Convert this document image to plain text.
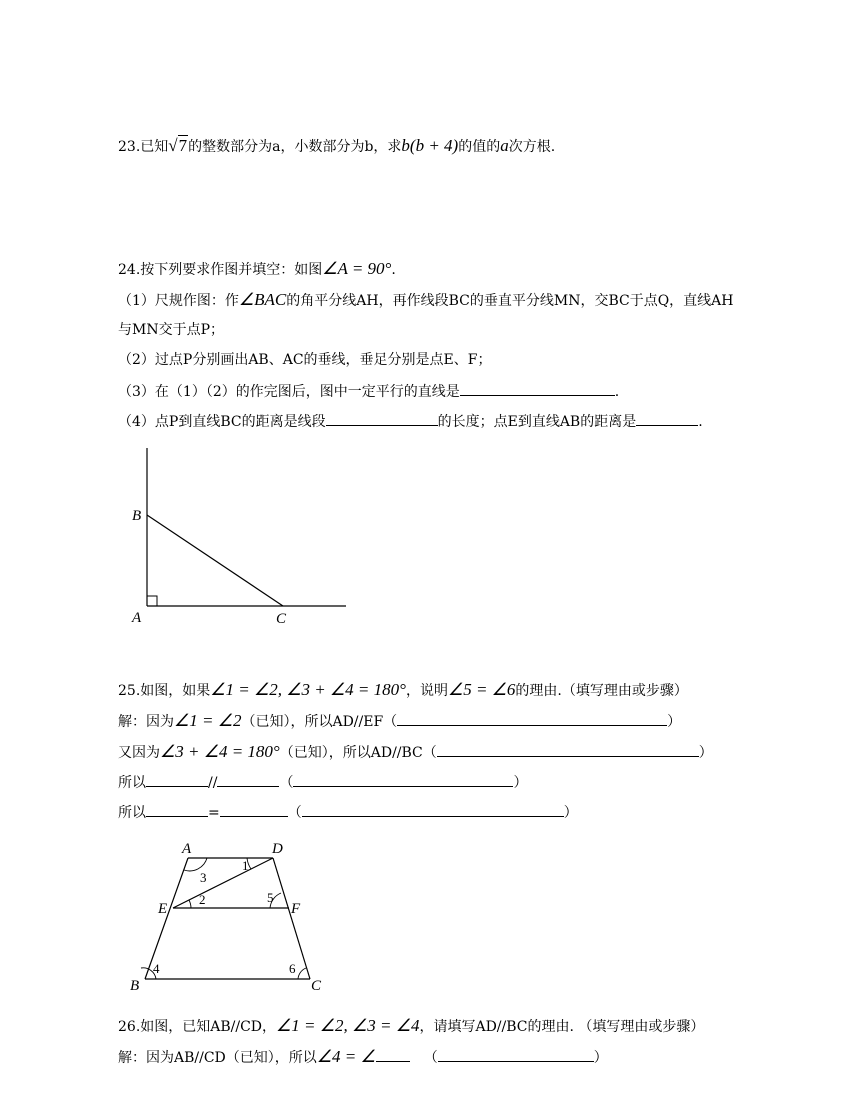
23.已知√7的整数部分为a，小数部分为b，求b(b + 4)的值的a次方根.
24.按下列要求作图并填空：如图∠A = 90°.
（1）尺规作图：作∠BAC的角平分线AH，再作线段BC的垂直平分线MN，交BC于点Q，直线AH
与MN交于点P；
（2）过点P分别画出AB、AC的垂线，垂足分别是点E、F；
（3）在（1）（2）的作完图后，图中一定平行的直线是	.
（4）点P到直线BC的距离是线段	的长度；点E到直线AB的距离是	.
B
A	C
25.如图，如果∠1 = ∠2, ∠3 + ∠4 = 180°，说明∠5 = ∠6的理由.（填写理由或步骤）
解：因为∠1 = ∠2（已知），所以AD//EF（	）
又因为∠3 + ∠4 = 180°（已知），所以AD//BC（	）
所以	//	（	）
所以	=	（	）
A	D
E	F
B	C
1
2
3
4
5
6
26.如图，已知AB//CD，∠1 = ∠2, ∠3 = ∠4，请填写AD//BC的理由. （填写理由或步骤）
解：因为AB//CD（已知），所以∠4 = ∠	（	）
